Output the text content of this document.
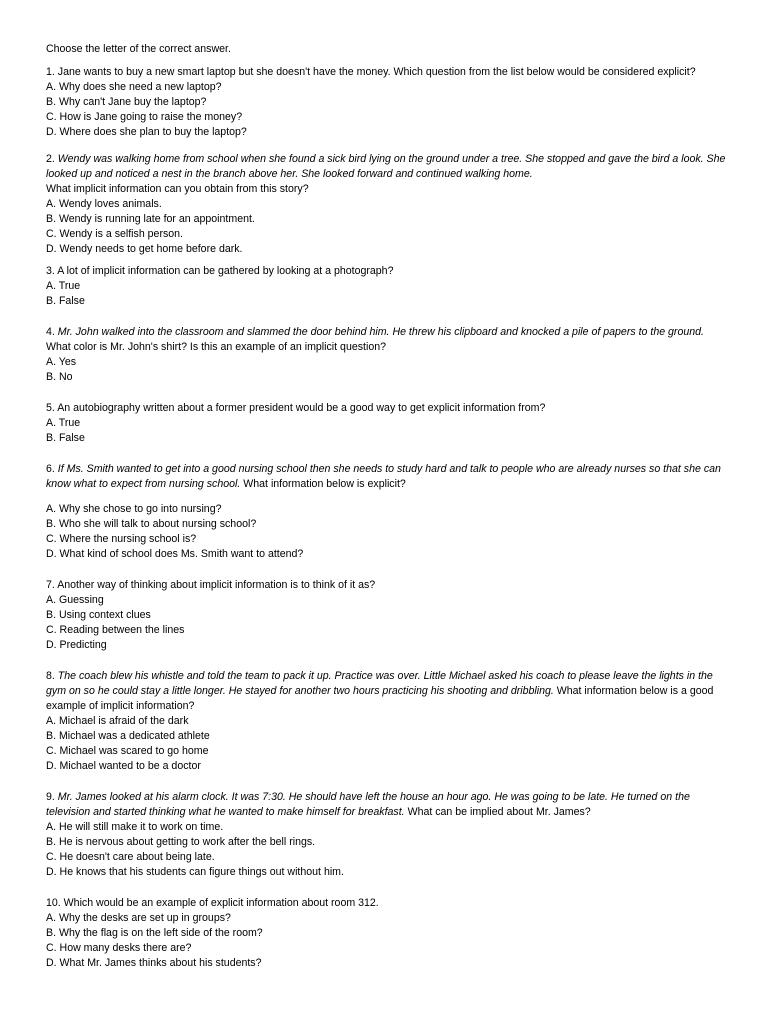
Choose the letter of the correct answer.
1. Jane wants to buy a new smart laptop but she doesn't have the money. Which question from the list below would be considered explicit?
A. Why does she need a new laptop?
B. Why can't Jane buy the laptop?
C. How is Jane going to raise the money?
D. Where does she plan to buy the laptop?
2. Wendy was walking home from school when she found a sick bird lying on the ground under a tree. She stopped and gave the bird a look. She looked up and noticed a nest in the branch above her. She looked forward and continued walking home.
What implicit information can you obtain from this story?
A. Wendy loves animals.
B. Wendy is running late for an appointment.
C. Wendy is a selfish person.
D. Wendy needs to get home before dark.
3. A lot of implicit information can be gathered by looking at a photograph?
A. True
B. False
4. Mr. John walked into the classroom and slammed the door behind him. He threw his clipboard and knocked a pile of papers to the ground.
What color is Mr. John's shirt? Is this an example of an implicit question?
A. Yes
B. No
5. An autobiography written about a former president would be a good way to get explicit information from?
A. True
B. False
6. If Ms. Smith wanted to get into a good nursing school then she needs to study hard and talk to people who are already nurses so that she can know what to expect from nursing school. What information below is explicit?
A. Why she chose to go into nursing?
B. Who she will talk to about nursing school?
C. Where the nursing school is?
D. What kind of school does Ms. Smith want to attend?
7. Another way of thinking about implicit information is to think of it as?
A. Guessing
B. Using context clues
C. Reading between the lines
D. Predicting
8. The coach blew his whistle and told the team to pack it up. Practice was over. Little Michael asked his coach to please leave the lights in the gym on so he could stay a little longer. He stayed for another two hours practicing his shooting and dribbling. What information below is a good example of implicit information?
A. Michael is afraid of the dark
B. Michael was a dedicated athlete
C. Michael was scared to go home
D. Michael wanted to be a doctor
9. Mr. James looked at his alarm clock. It was 7:30. He should have left the house an hour ago. He was going to be late. He turned on the television and started thinking what he wanted to make himself for breakfast. What can be implied about Mr. James?
A. He will still make it to work on time.
B. He is nervous about getting to work after the bell rings.
C. He doesn't care about being late.
D. He knows that his students can figure things out without him.
10. Which would be an example of explicit information about room 312.
A. Why the desks are set up in groups?
B. Why the flag is on the left side of the room?
C. How many desks there are?
D. What Mr. James thinks about his students?
